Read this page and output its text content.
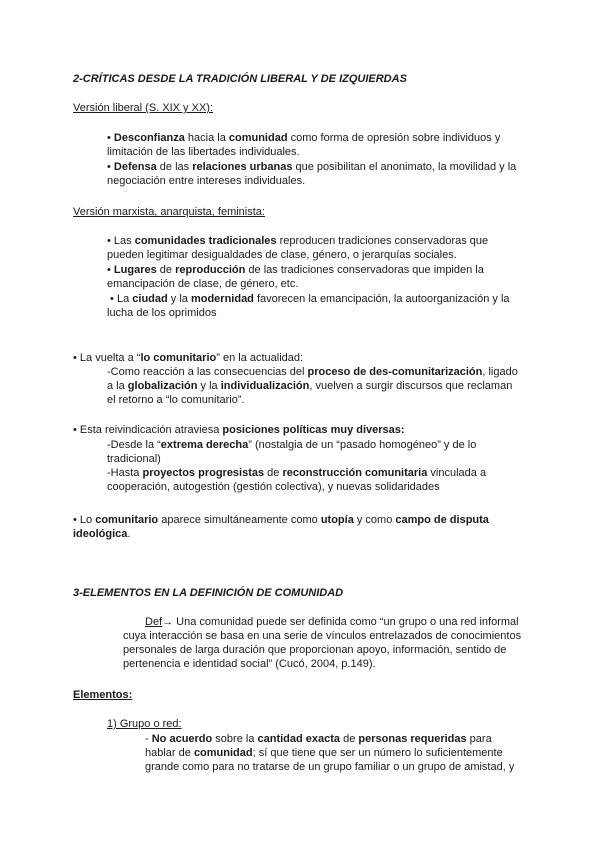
2-CRÍTICAS DESDE LA TRADICIÓN LIBERAL Y DE IZQUIERDAS
Versión liberal (S. XIX y XX):
• Desconfianza hacia la comunidad como forma de opresión sobre individuos y
limitación de las libertades individuales.
• Defensa de las relaciones urbanas que posibilitan el anonimato, la movilidad y la
negociación entre intereses individuales.
Versión marxista, anarquista, feminista:
• Las comunidades tradicionales reproducen tradiciones conservadoras que
pueden legitimar desigualdades de clase, género, o jerarquías sociales.
• Lugares de reproducción de las tradiciones conservadoras que impiden la
emancipación de clase, de género, etc.
• La ciudad y la modernidad favorecen la emancipación, la autoorganización y la
lucha de los oprimidos
• La vuelta a “lo comunitario” en la actualidad:
-Como reacción a las consecuencias del proceso de des-comunitarización, ligado
a la globalización y la individualización, vuelven a surgir discursos que reclaman
el retorno a “lo comunitario”.
• Esta reivindicación atraviesa posiciones políticas muy diversas:
-Desde la “extrema derecha” (nostalgia de un “pasado homogéneo” y de lo
tradicional)
-Hasta proyectos progresistas de reconstrucción comunitaria vinculada a
cooperación, autogestión (gestión colectiva), y nuevas solidaridades
• Lo comunitario aparece simultáneamente como utopía y como campo de disputa
ideológica.
3-ELEMENTOS EN LA DEFINICIÓN DE COMUNIDAD
Def→ Una comunidad puede ser definida como “un grupo o una red informal
cuya interacción se basa en una serie de vínculos entrelazados de conocimientos
personales de larga duración que proporcionan apoyo, información, sentido de
pertenencia e identidad social” (Cucó, 2004, p.149).
Elementos:
1) Grupo o red:
- No acuerdo sobre la cantidad exacta de personas requeridas para
hablar de comunidad; sí que tiene que ser un número lo suficientemente
grande como para no tratarse de un grupo familiar o un grupo de amistad, y
